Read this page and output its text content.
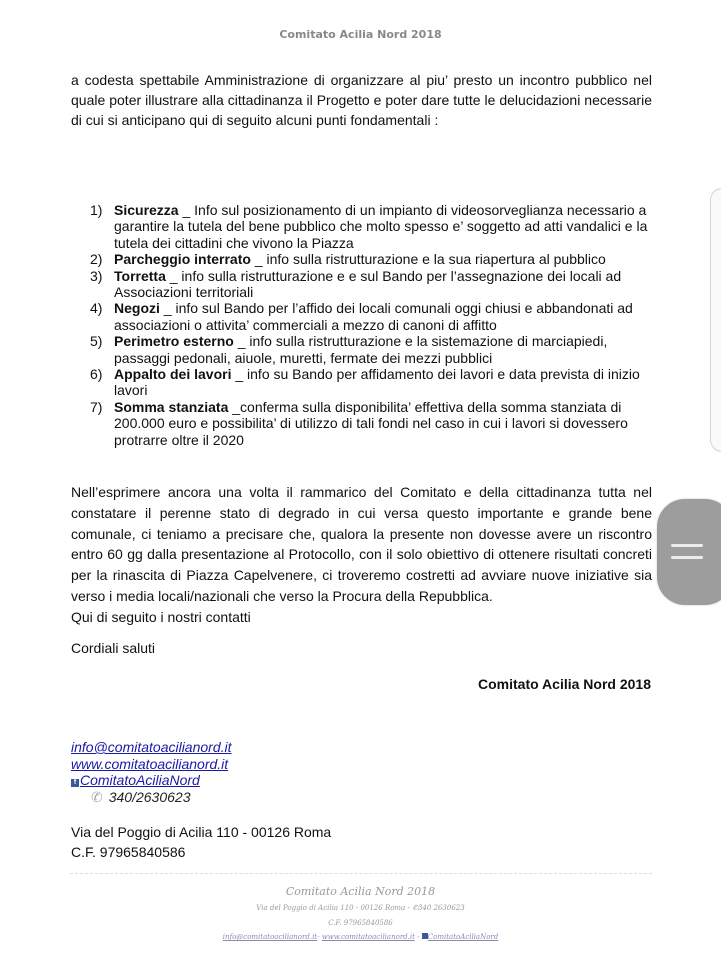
Comitato Acilia Nord 2018

a codesta spettabile Amministrazione di organizzare al piu’ presto un incontro pubblico nel quale poter illustrare alla cittadinanza il Progetto e poter dare tutte le delucidazioni necessarie di cui si anticipano qui di seguito alcuni punti fondamentali :

1) Sicurezza _ Info sul posizionamento di un impianto di videosorveglianza necessario a garantire la tutela del bene pubblico che molto spesso e’ soggetto ad atti vandalici e la tutela dei cittadini che vivono la Piazza
2) Parcheggio interrato _ info sulla ristrutturazione e la sua riapertura al pubblico
3) Torretta _ info sulla ristrutturazione e e sul Bando per l’assegnazione dei locali ad Associazioni territoriali
4) Negozi _ info sul Bando per l’affido dei locali comunali oggi chiusi e abbandonati ad associazioni o attivita’ commerciali a mezzo di canoni di affitto
5) Perimetro esterno _ info sulla ristrutturazione e la sistemazione di marciapiedi, passaggi pedonali, aiuole, muretti, fermate dei mezzi pubblici
6) Appalto dei lavori _ info su Bando per affidamento dei lavori e data prevista di inizio lavori
7) Somma stanziata _conferma sulla disponibilita’ effettiva della somma stanziata di 200.000 euro e possibilita’ di utilizzo di tali fondi nel caso in cui i lavori si dovessero protrarre oltre il 2020

Nell’esprimere ancora una volta il rammarico del Comitato e della cittadinanza tutta nel constatare il perenne stato di degrado in cui versa questo importante e grande bene comunale, ci teniamo a precisare che, qualora la presente non dovesse avere un riscontro entro 60 gg dalla presentazione al Protocollo, con il solo obiettivo di ottenere risultati concreti per la rinascita di Piazza Capelvenere, ci troveremo costretti ad avviare nuove iniziative sia verso i media locali/nazionali che verso la Procura della Repubblica.

Qui di seguito i nostri contatti

Cordiali saluti

Comitato Acilia Nord 2018

info@comitatoacilianord.it
www.comitatoacilianord.it
f ComitatoAciliaNord
✆ 340/2630623
Via del Poggio di Acilia 110 - 00126 Roma
C.F. 97965840586
Comitato Acilia Nord 2018
Via del Poggio di Acilia 110 - 00126 Roma - ✆340 2630623
C.F. 97965840586
info@comitatoacilianord.it- www.comitatoacilianord.it - ComitatoAciliaNord
